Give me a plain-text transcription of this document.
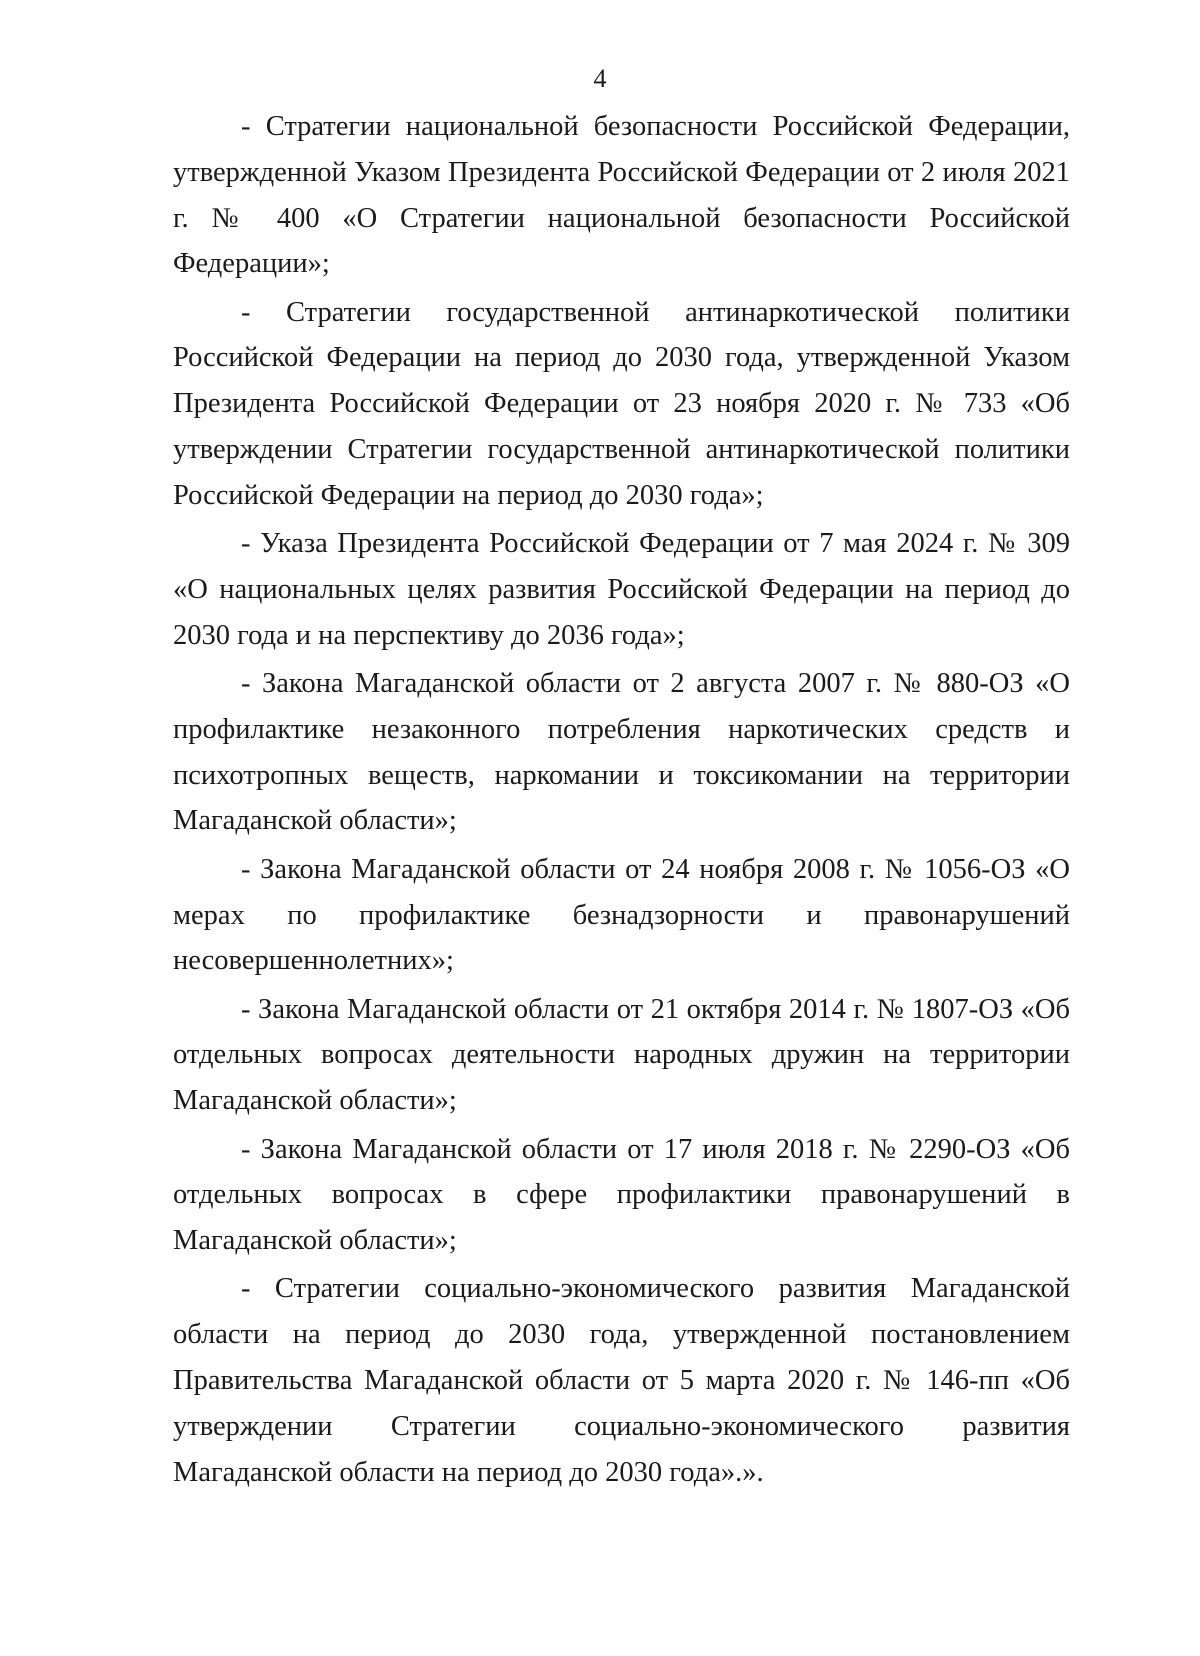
4

- Стратегии национальной безопасности Российской Федерации, утвержденной Указом Президента Российской Федерации от 2 июля 2021 г. № 400 «О Стратегии национальной безопасности Российской Федерации»;

- Стратегии государственной антинаркотической политики Российской Федерации на период до 2030 года, утвержденной Указом Президента Российской Федерации от 23 ноября 2020 г. № 733 «Об утверждении Стратегии государственной антинаркотической политики Российской Федерации на период до 2030 года»;

- Указа Президента Российской Федерации от 7 мая 2024 г. № 309 «О национальных целях развития Российской Федерации на период до 2030 года и на перспективу до 2036 года»;

- Закона Магаданской области от 2 августа 2007 г. № 880-ОЗ «О профилактике незаконного потребления наркотических средств и психотропных веществ, наркомании и токсикомании на территории Магаданской области»;

- Закона Магаданской области от 24 ноября 2008 г. № 1056-ОЗ «О мерах по профилактике безнадзорности и правонарушений несовершеннолетних»;

- Закона Магаданской области от 21 октября 2014 г. № 1807-ОЗ «Об отдельных вопросах деятельности народных дружин на территории Магаданской области»;

- Закона Магаданской области от 17 июля 2018 г. № 2290-ОЗ «Об отдельных вопросах в сфере профилактики правонарушений в Магаданской области»;

- Стратегии социально-экономического развития Магаданской области на период до 2030 года, утвержденной постановлением Правительства Магаданской области от 5 марта 2020 г. № 146-пп «Об утверждении Стратегии социально-экономического развития Магаданской области на период до 2030 года».».
